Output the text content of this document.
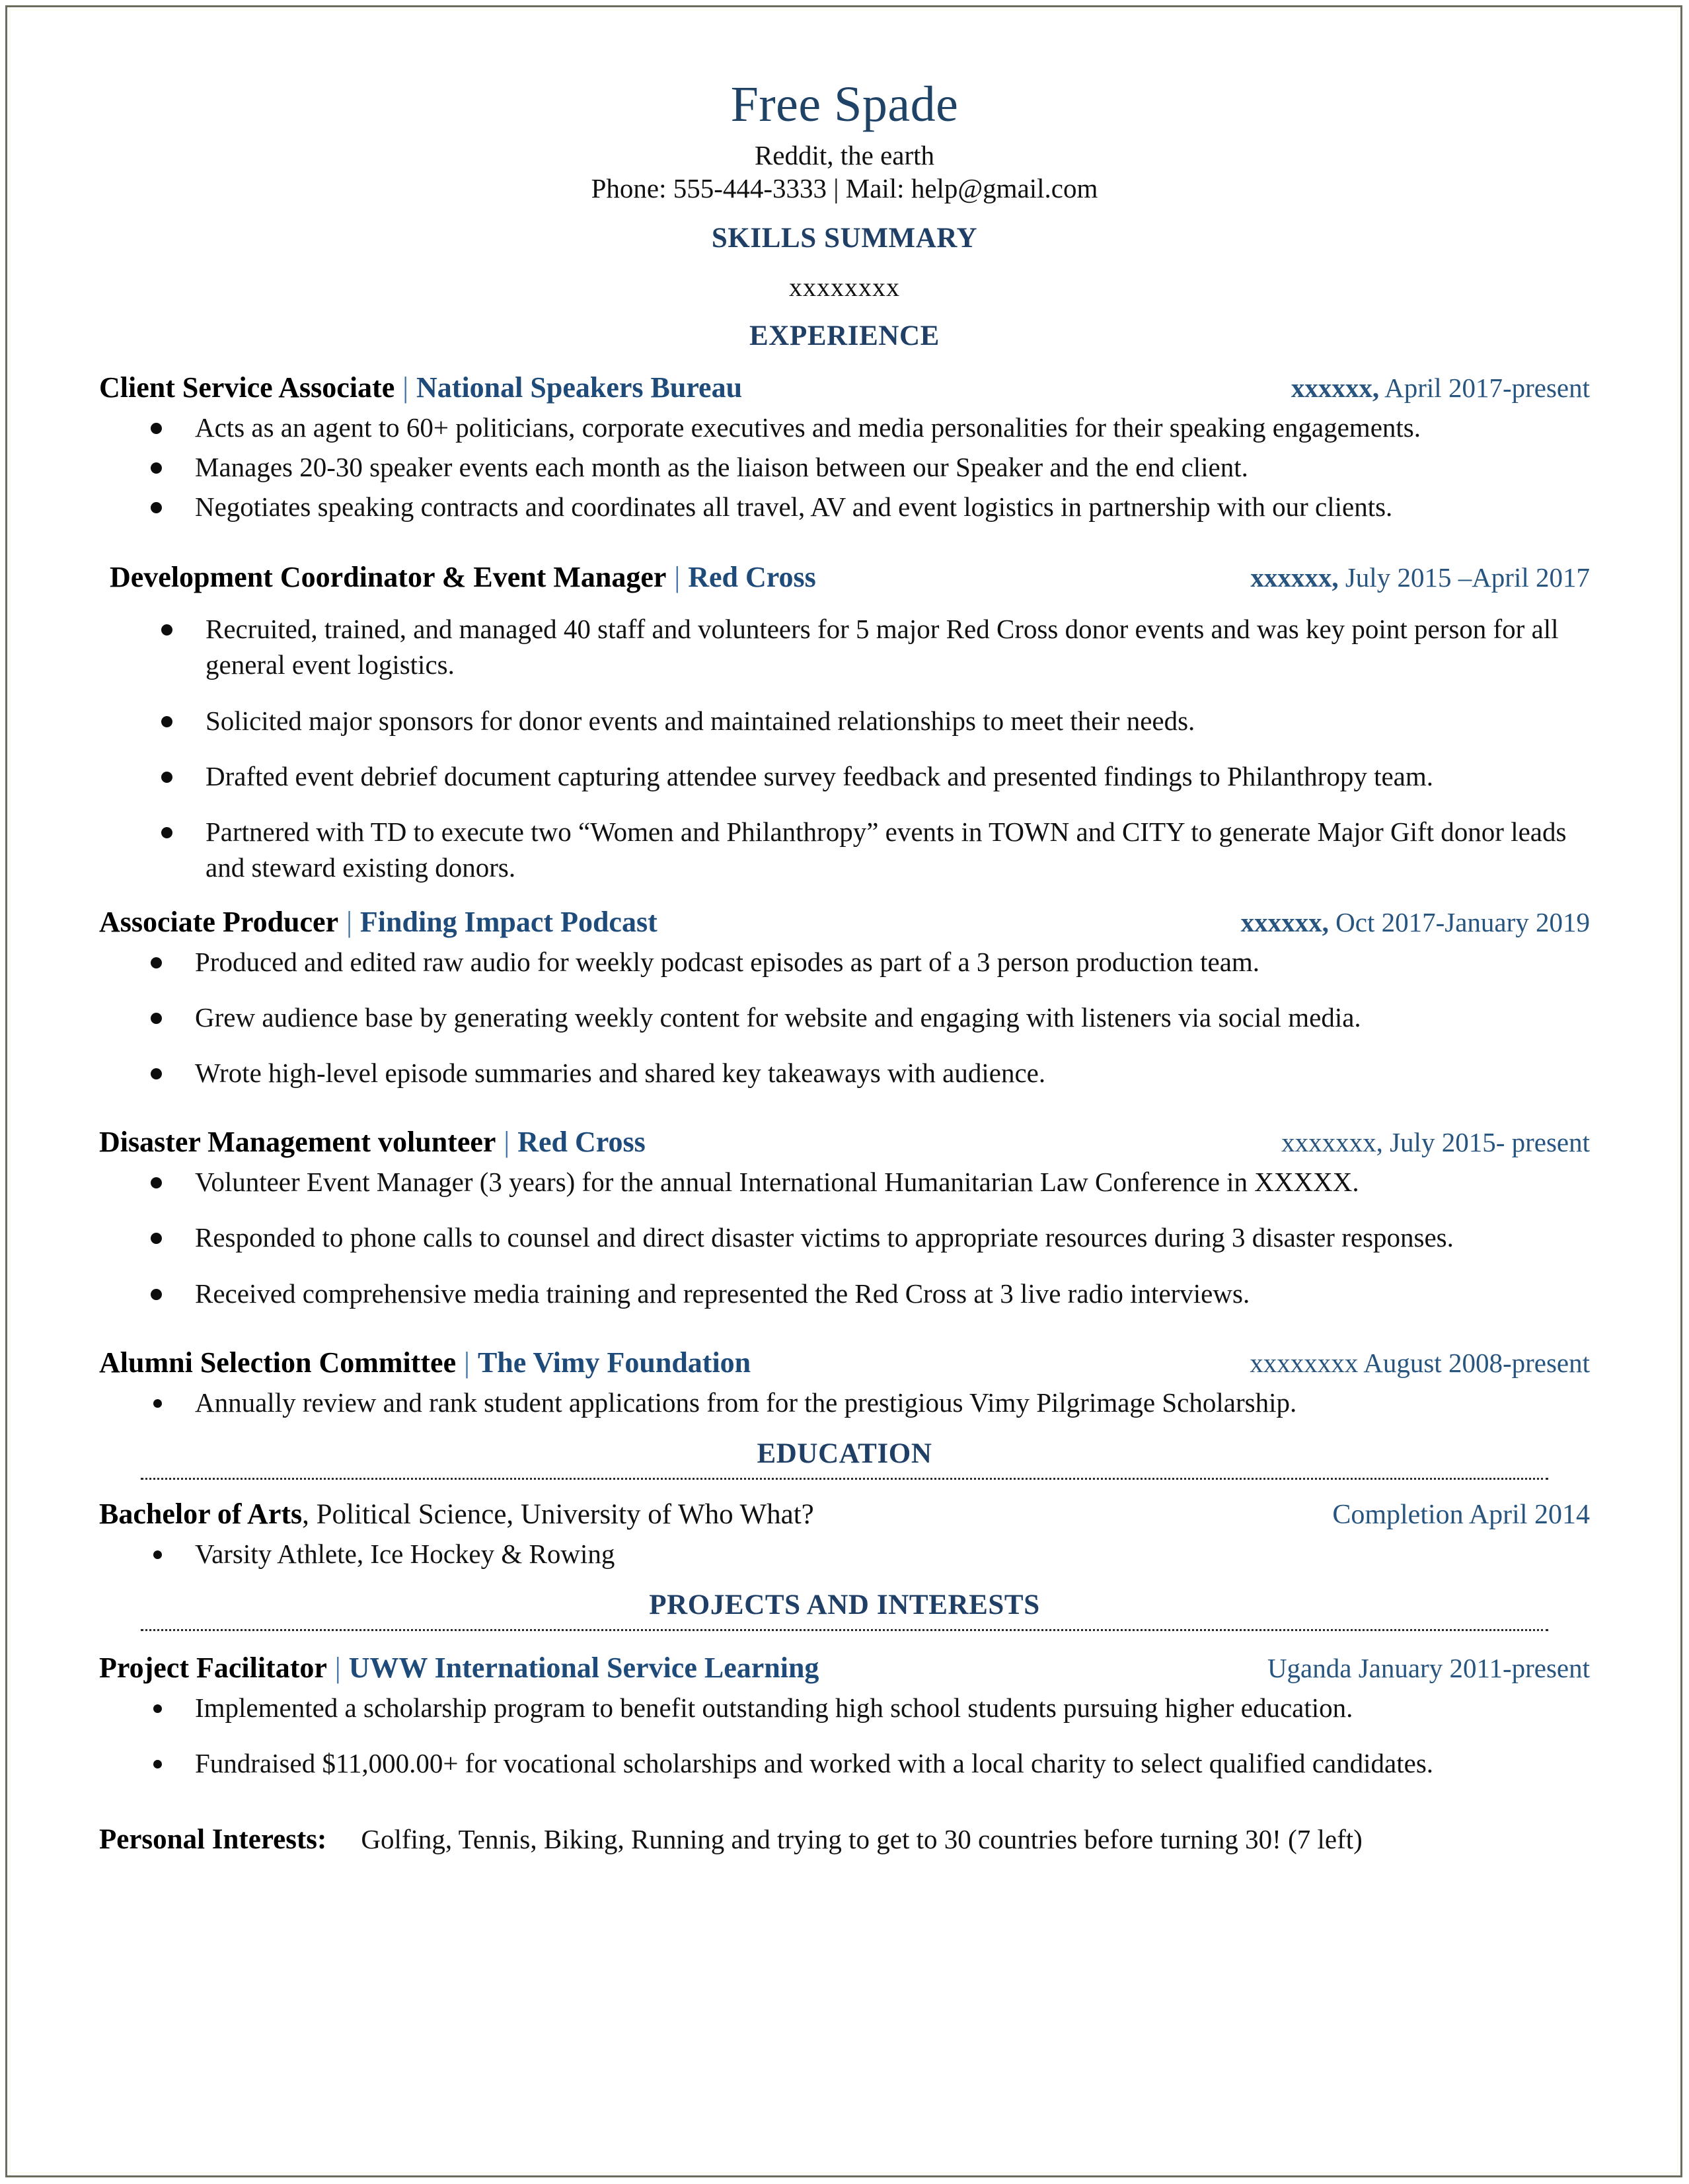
Free Spade
Reddit, the earth
Phone: 555-444-3333 | Mail: help@gmail.com
SKILLS SUMMARY
xxxxxxxx
EXPERIENCE
Client Service Associate | National Speakers Bureau	xxxxxx, April 2017-present
Acts as an agent to 60+ politicians, corporate executives and media personalities for their speaking engagements.
Manages 20-30 speaker events each month as the liaison between our Speaker and the end client.
Negotiates speaking contracts and coordinates all travel, AV and event logistics in partnership with our clients.
Development Coordinator & Event Manager | Red Cross	xxxxxx, July 2015 –April 2017
Recruited, trained, and managed 40 staff and volunteers for 5 major Red Cross donor events and was key point person for all general event logistics.
Solicited major sponsors for donor events and maintained relationships to meet their needs.
Drafted event debrief document capturing attendee survey feedback and presented findings to Philanthropy team.
Partnered with TD to execute two “Women and Philanthropy” events in TOWN and CITY to generate Major Gift donor leads and steward existing donors.
Associate Producer | Finding Impact Podcast	xxxxxx, Oct 2017-January 2019
Produced and edited raw audio for weekly podcast episodes as part of a 3 person production team.
Grew audience base by generating weekly content for website and engaging with listeners via social media.
Wrote high-level episode summaries and shared key takeaways with audience.
Disaster Management volunteer | Red Cross	xxxxxxx, July 2015- present
Volunteer Event Manager (3 years) for the annual International Humanitarian Law Conference in XXXXX.
Responded to phone calls to counsel and direct disaster victims to appropriate resources during 3 disaster responses.
Received comprehensive media training and represented the Red Cross at 3 live radio interviews.
Alumni Selection Committee | The Vimy Foundation	xxxxxxxx August 2008-present
Annually review and rank student applications from for the prestigious Vimy Pilgrimage Scholarship.
EDUCATION
Bachelor of Arts , Political Science, University of Who What?	Completion April 2014
Varsity Athlete, Ice Hockey & Rowing
PROJECTS AND INTERESTS
Project Facilitator | UWW International Service Learning	Uganda January 2011-present
Implemented a scholarship program to benefit outstanding high school students pursuing higher education.
Fundraised $11,000.00+ for vocational scholarships and worked with a local charity to select qualified candidates.
Personal Interests:	Golfing, Tennis, Biking, Running and trying to get to 30 countries before turning 30! (7 left)
